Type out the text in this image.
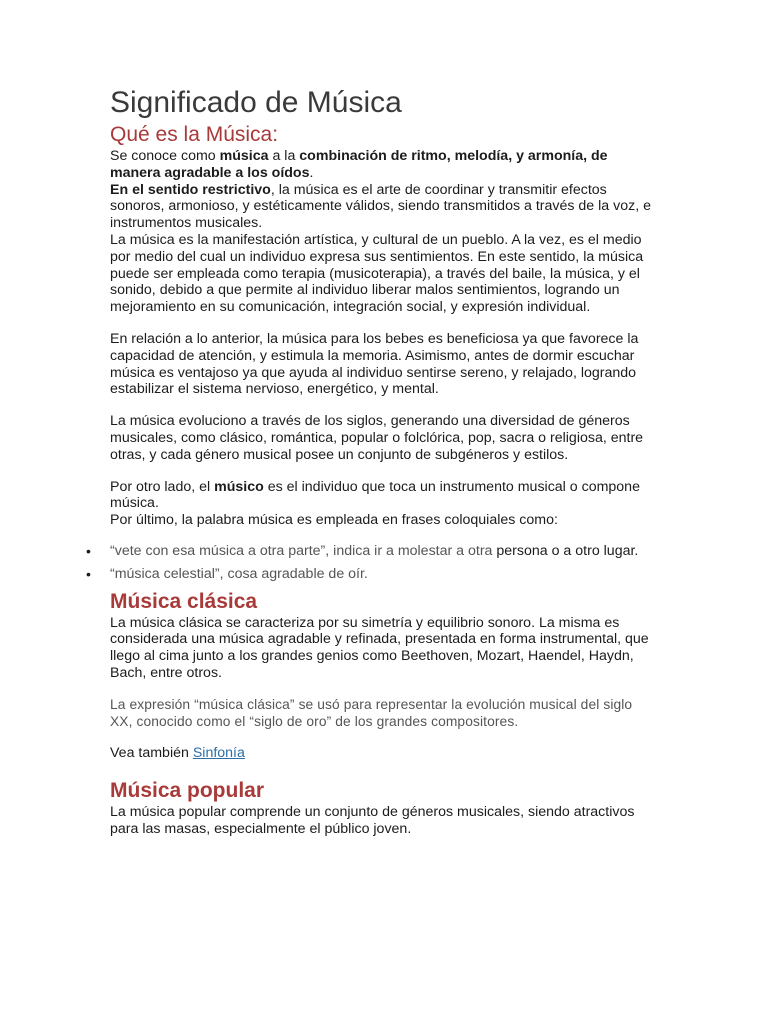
Significado de Música
Qué es la Música:

Se conoce como música a la combinación de ritmo, melodía, y armonía, de manera agradable a los oídos.

En el sentido restrictivo, la música es el arte de coordinar y transmitir efectos sonoros, armonioso, y estéticamente válidos, siendo transmitidos a través de la voz, e instrumentos musicales.

La música es la manifestación artística, y cultural de un pueblo. A la vez, es el medio por medio del cual un individuo expresa sus sentimientos. En este sentido, la música puede ser empleada como terapia (musicoterapia), a través del baile, la música, y el sonido, debido a que permite al individuo liberar malos sentimientos, logrando un mejoramiento en su comunicación, integración social, y expresión individual.

En relación a lo anterior, la música para los bebes es beneficiosa ya que favorece la capacidad de atención, y estimula la memoria. Asimismo, antes de dormir escuchar música es ventajoso ya que ayuda al individuo sentirse sereno, y relajado, logrando estabilizar el sistema nervioso, energético, y mental.

La música evoluciono a través de los siglos, generando una diversidad de géneros musicales, como clásico, romántica, popular o folclórica, pop, sacra o religiosa, entre otras, y cada género musical posee un conjunto de subgéneros y estilos.

Por otro lado, el músico es el individuo que toca un instrumento musical o compone música.

Por último, la palabra música es empleada en frases coloquiales como:

• “vete con esa música a otra parte”, indica ir a molestar a otra persona o a otro lugar.
• “música celestial”, cosa agradable de oír.
Música clásica

La música clásica se caracteriza por su simetría y equilibrio sonoro. La misma es considerada una música agradable y refinada, presentada en forma instrumental, que llego al cima junto a los grandes genios como Beethoven, Mozart, Haendel, Haydn, Bach, entre otros.

La expresión “música clásica” se usó para representar la evolución musical del siglo XX, conocido como el “siglo de oro” de los grandes compositores.

Vea también Sinfonía

Música popular

La música popular comprende un conjunto de géneros musicales, siendo atractivos para las masas, especialmente el público joven.
